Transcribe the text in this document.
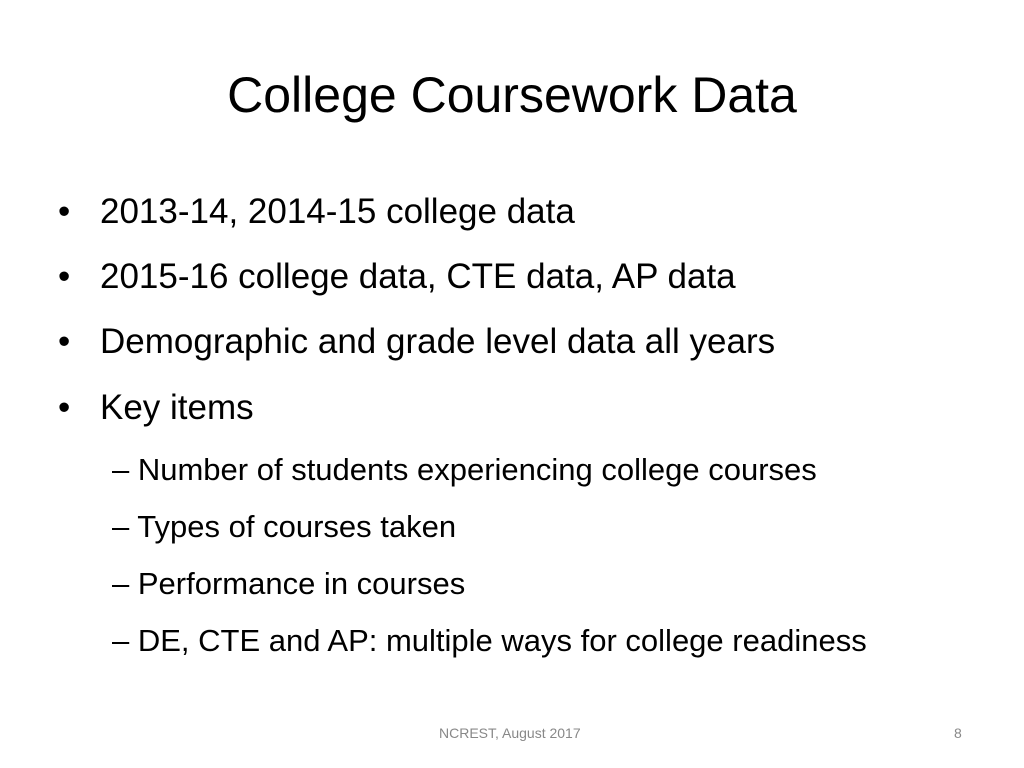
College Coursework Data
• 2013-14, 2014-15 college data
• 2015-16 college data, CTE data, AP data
• Demographic and grade level data all years
• Key items
– Number of students experiencing college courses
– Types of courses taken
– Performance in courses
– DE, CTE and AP: multiple ways for college readiness
NCREST, August 2017	8
